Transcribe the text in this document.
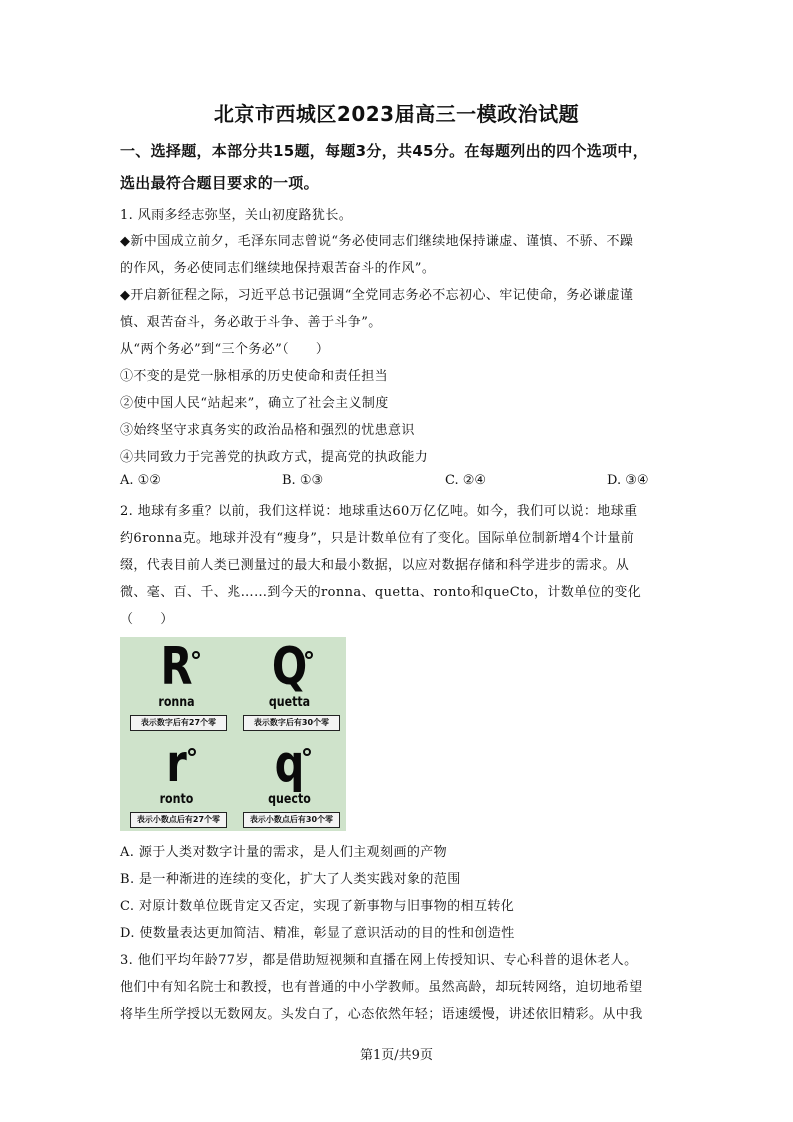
北京市西城区2023届高三一模政治试题
一、选择题，本部分共15题，每题3分，共45分。在每题列出的四个选项中，
选出最符合题目要求的一项。
1. 风雨多经志弥坚，关山初度路犹长。
◆新中国成立前夕，毛泽东同志曾说“务必使同志们继续地保持谦虚、谨慎、不骄、不躁
的作风，务必使同志们继续地保持艰苦奋斗的作风”。
◆开启新征程之际，习近平总书记强调“全党同志务必不忘初心、牢记使命，务必谦虚谨
慎、艰苦奋斗，务必敢于斗争、善于斗争”。
从“两个务必”到“三个务必”（　　）
①不变的是党一脉相承的历史使命和责任担当
②使中国人民“站起来”，确立了社会主义制度
③始终坚守求真务实的政治品格和强烈的忧患意识
④共同致力于完善党的执政方式，提高党的执政能力
A. ①②	B. ①③	C. ②④	D. ③④
2. 地球有多重？以前，我们这样说：地球重达60万亿亿吨。如今，我们可以说：地球重
约6ronna克。地球并没有“瘦身”，只是计数单位有了变化。国际单位制新增4个计量前
缀，代表目前人类已测量过的最大和最小数据，以应对数据存储和科学进步的需求。从
微、毫、百、千、兆……到今天的ronna、quetta、ronto和queCto，计数单位的变化
（　　）
R
ronna
表示数字后有27个零
Q
quetta
表示数字后有30个零
r
ronto
表示小数点后有27个零
q
quecto
表示小数点后有30个零
A. 源于人类对数字计量的需求，是人们主观刻画的产物
B. 是一种渐进的连续的变化，扩大了人类实践对象的范围
C. 对原计数单位既肯定又否定，实现了新事物与旧事物的相互转化
D. 使数量表达更加简洁、精准，彰显了意识活动的目的性和创造性
3. 他们平均年龄77岁，都是借助短视频和直播在网上传授知识、专心科普的退休老人。
他们中有知名院士和教授，也有普通的中小学教师。虽然高龄，却玩转网络，迫切地希望
将毕生所学授以无数网友。头发白了，心态依然年轻；语速缓慢，讲述依旧精彩。从中我
第1页/共9页
